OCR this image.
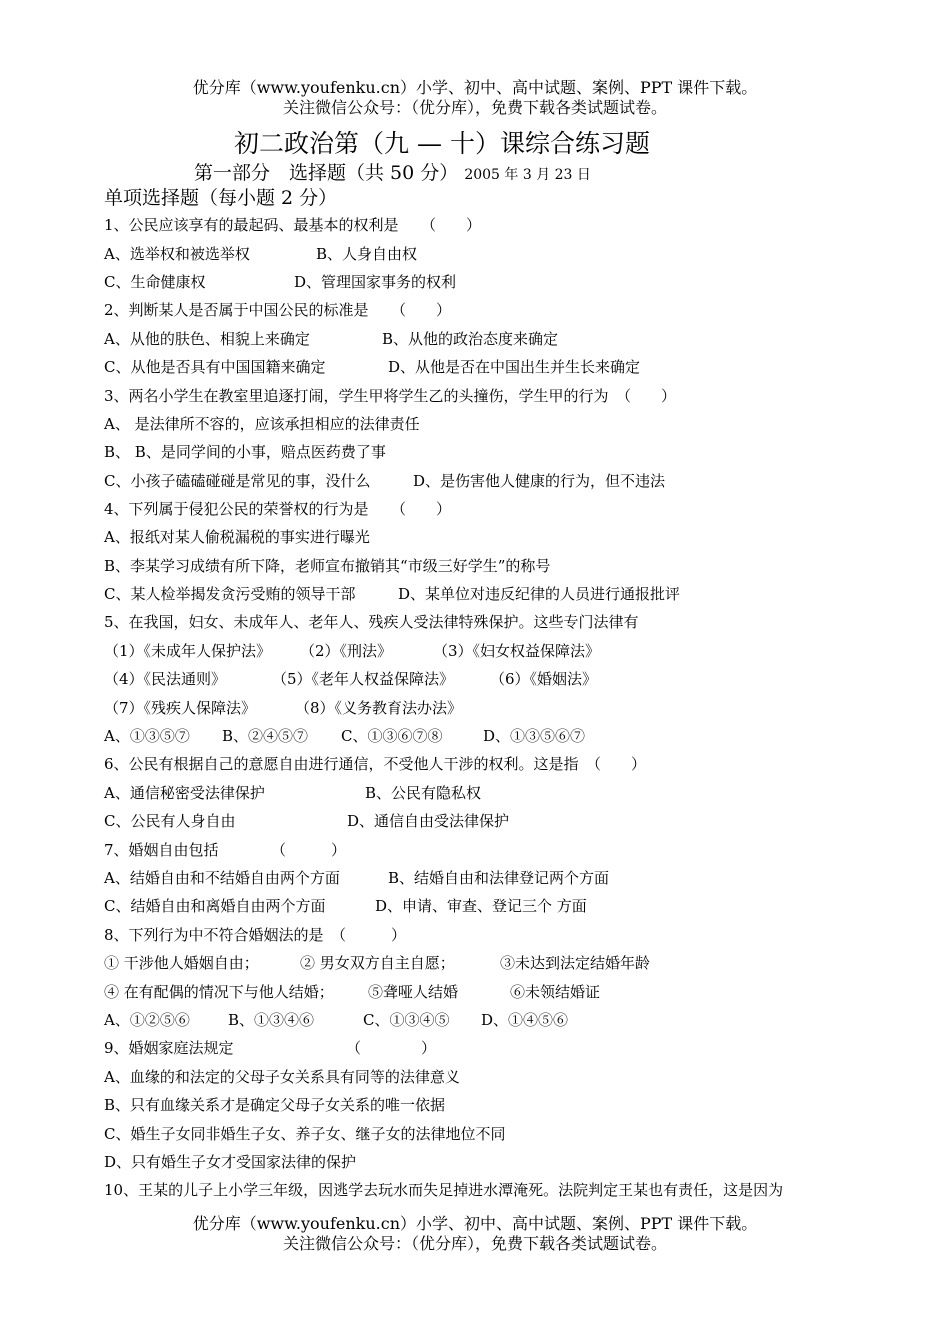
优分库（www.youfenku.cn）小学、初中、高中试题、案例、PPT 课件下载。
关注微信公众号：（优分库），免费下载各类试题试卷。
初二政治第（九 — 十）课综合练习题
第一部分　选择题（共 50 分） 2005 年 3 月 23 日
单项选择题（每小题 2 分）
1、公民应该享有的最起码、最基本的权利是　　（　　）
A、选举权和被选举权	B、人身自由权
C、生命健康权	D、管理国家事务的权利
2、判断某人是否属于中国公民的标准是　　（　　）
A、从他的肤色、相貌上来确定	B、从他的政治态度来确定
C、从他是否具有中国国籍来确定	D、从他是否在中国出生并生长来确定
3、两名小学生在教室里追逐打闹，学生甲将学生乙的头撞伤，学生甲的行为　（　　）
A、 是法律所不容的，应该承担相应的法律责任
B、 B、是同学间的小事，赔点医药费了事
C、小孩子磕磕碰碰是常见的事，没什么	D、是伤害他人健康的行为，但不违法
4、下列属于侵犯公民的荣誉权的行为是　　（　　）
A、报纸对某人偷税漏税的事实进行曝光
B、李某学习成绩有所下降，老师宣布撤销其“市级三好学生”的称号
C、某人检举揭发贪污受贿的领导干部	D、某单位对违反纪律的人员进行通报批评
5、在我国，妇女、未成年人、老年人、残疾人受法律特殊保护。这些专门法律有
（1）《未成年人保护法》 （2）《刑法》	（3）《妇女权益保障法》
（4）《民法通则》	（5）《老年人权益保障法》 （6）《婚姻法》
（7）《残疾人保障法》	（8）《义务教育法办法》
A、①③⑤⑦ B、②④⑤⑦ C、①③⑥⑦⑧	D、①③⑤⑥⑦
6、公民有根据自己的意愿自由进行通信，不受他人干涉的权利。这是指　（　　）
A、通信秘密受法律保护	B、公民有隐私权
C、公民有人身自由	D、通信自由受法律保护
7、婚姻自由包括　　　　（　　　）
A、结婚自由和不结婚自由两个方面	B、结婚自由和法律登记两个方面
C、结婚自由和离婚自由两个方面	D、申请、审查、登记三个 方面
8、下列行为中不符合婚姻法的是　（　　　）
① 干涉他人婚姻自由；	② 男女双方自主自愿；	③未达到法定结婚年龄
④ 在有配偶的情况下与他人结婚； ⑤聋哑人结婚	⑥未领结婚证
A、①②⑤⑥	B、①③④⑥	C、①③④⑤ D、①④⑤⑥
9、婚姻家庭法规定　　　　　　　　（　　　　）
A、血缘的和法定的父母子女关系具有同等的法律意义
B、只有血缘关系才是确定父母子女关系的唯一依据
C、婚生子女同非婚生子女、养子女、继子女的法律地位不同
D、只有婚生子女才受国家法律的保护
10、王某的儿子上小学三年级，因逃学去玩水而失足掉进水潭淹死。法院判定王某也有责任，这是因为
优分库（www.youfenku.cn）小学、初中、高中试题、案例、PPT 课件下载。
关注微信公众号：（优分库），免费下载各类试题试卷。
